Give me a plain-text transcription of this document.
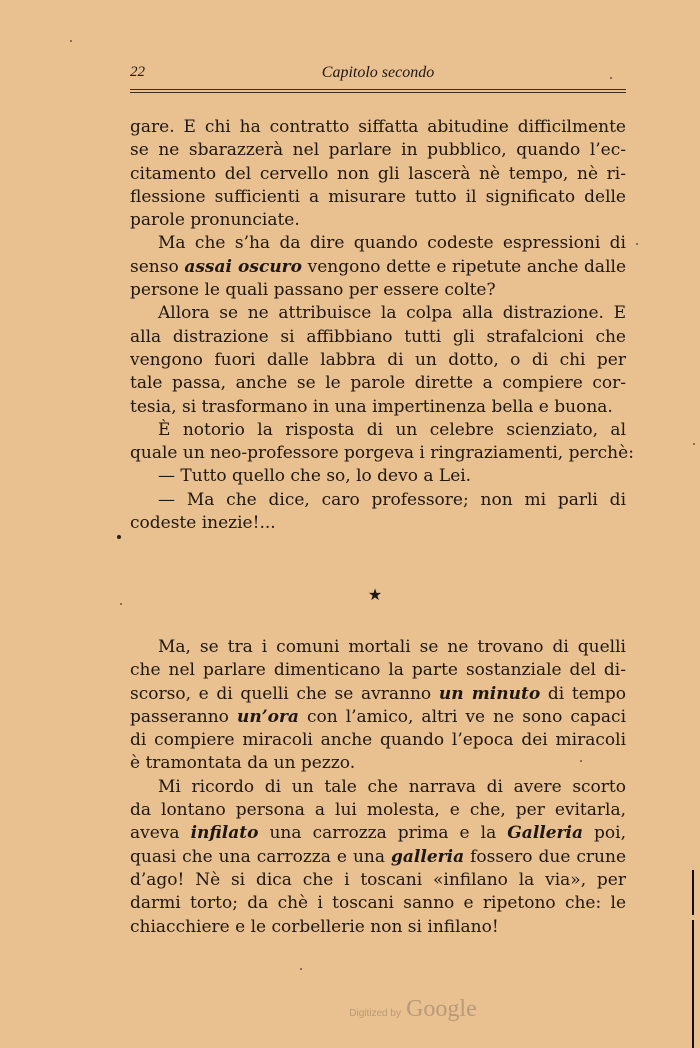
22	Capitolo secondo
gare. E chi ha contratto siffatta abitudine difficilmente
se ne sbarazzerà nel parlare in pubblico, quando l’ec-
citamento del cervello non gli lascerà nè tempo, nè ri-
flessione sufficienti a misurare tutto il significato delle
parole pronunciate.
Ma che s’ha da dire quando codeste espressioni di
senso assai oscuro vengono dette e ripetute anche dalle
persone le quali passano per essere colte?
Allora se ne attribuisce la colpa alla distrazione. E
alla distrazione si affibbiano tutti gli strafalcioni che
vengono fuori dalle labbra di un dotto, o di chi per
tale passa, anche se le parole dirette a compiere cor-
tesia, si trasformano in una impertinenza bella e buona.
È notorio la risposta di un celebre scienziato, al
quale un neo-professore porgeva i ringraziamenti, perchè:
— Tutto quello che so, lo devo a Lei.
— Ma che dice, caro professore; non mi parli di
codeste inezie!...
★
Ma, se tra i comuni mortali se ne trovano di quelli
che nel parlare dimenticano la parte sostanziale del di-
scorso, e di quelli che se avranno un minuto di tempo
passeranno un’ora con l’amico, altri ve ne sono capaci
di compiere miracoli anche quando l’epoca dei miracoli
è tramontata da un pezzo.
Mi ricordo di un tale che narrava di avere scorto
da lontano persona a lui molesta, e che, per evitarla,
aveva infilato una carrozza prima e la Galleria poi,
quasi che una carrozza e una galleria fossero due crune
d’ago! Nè si dica che i toscani «infilano la via», per
darmi torto; da chè i toscani sanno e ripetono che: le
chiacchiere e le corbellerie non si infilano!
Digitized by Google
